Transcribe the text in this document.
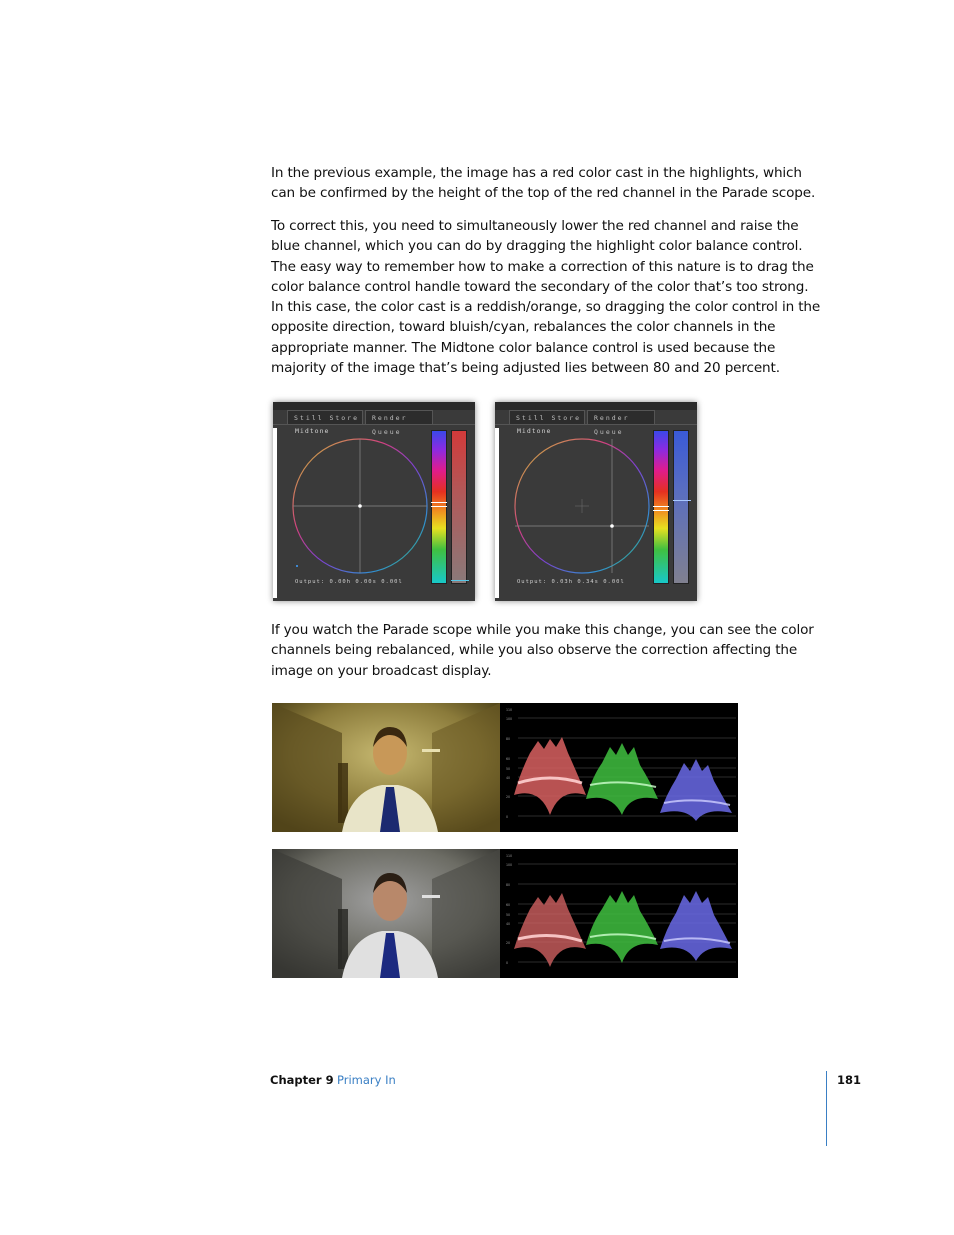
In the previous example, the image has a red color cast in the highlights, which can be confirmed by the height of the top of the red channel in the Parade scope.

To correct this, you need to simultaneously lower the red channel and raise the blue channel, which you can do by dragging the highlight color balance control. The easy way to remember how to make a correction of this nature is to drag the color balance control handle toward the secondary of the color that’s too strong. In this case, the color cast is a reddish/orange, so dragging the color control in the opposite direction, toward bluish/cyan, rebalances the color channels in the appropriate manner. The Midtone color balance control is used because the majority of the image that’s being adjusted lies between 80 and 20 percent.

Still Store	Render Queue
Midtone
Output: 0.00h 0.00s 0.00l
Still Store	Render Queue
Midtone
Output: 0.03h 0.34s 0.00l

If you watch the Parade scope while you make this change, you can see the color channels being rebalanced, while you also observe the correction affecting the image on your broadcast display.

110
100
80
60
50
40
20
0
110
100
80
60
50
40
20
0
Chapter 9 Primary In	181
